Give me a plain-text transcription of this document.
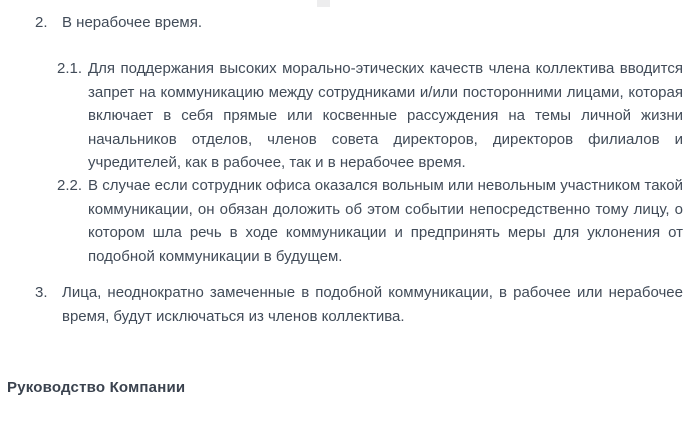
2. В нерабочее время.
2.1. Для поддержания высоких морально-этических качеств члена коллектива вводится запрет на коммуникацию между сотрудниками и/или посторонними лицами, которая включает в себя прямые или косвенные рассуждения на темы личной жизни начальников отделов, членов совета директоров, директоров филиалов и учредителей, как в рабочее, так и в нерабочее время.
2.2. В случае если сотрудник офиса оказался вольным или невольным участником такой коммуникации, он обязан доложить об этом событии непосредственно тому лицу, о котором шла речь в ходе коммуникации и предпринять меры для уклонения от подобной коммуникации в будущем.
3. Лица, неоднократно замеченные в подобной коммуникации, в рабочее или нерабочее время, будут исключаться из членов коллектива.
Руководство Компании
